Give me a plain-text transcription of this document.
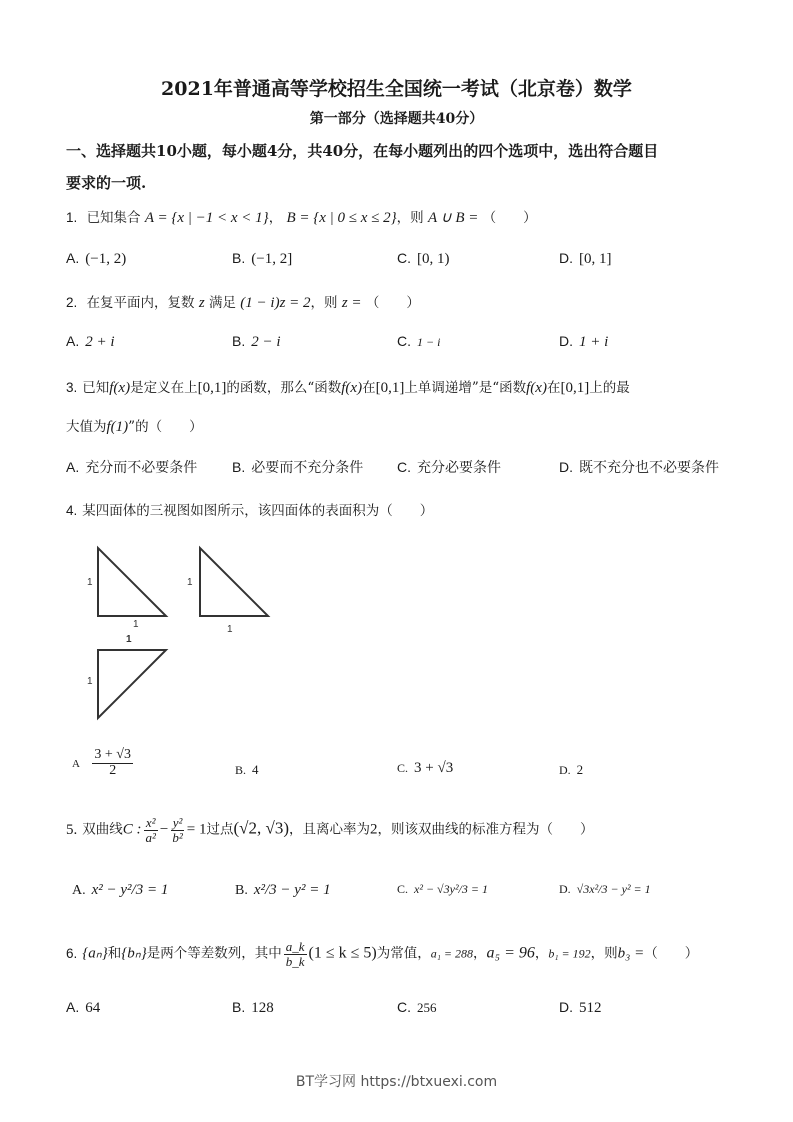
2021年普通高等学校招生全国统一考试（北京卷）数学
第一部分（选择题共40分）
一、选择题共10小题，每小题4分，共40分，在每小题列出的四个选项中，选出符合题目
要求的一项.
1. 已知集合 A = {x | −1 < x < 1}， B = {x | 0 ≤ x ≤ 2}，则 A ∪ B = （　　）
A. (−1, 2)	B. (−1, 2]	C. [0, 1)	D. [0, 1]
2. 在复平面内，复数 z 满足 (1 − i)z = 2，则 z = （　　）
A. 2 + i	B. 2 − i	C. 1 − i	D. 1 + i
3. 已知f(x)是定义在上[0,1]的函数，那么“函数f(x)在[0,1]上单调递增”是“函数f(x)在[0,1]上的最
大值为f(1)”的（　　）
A. 充分而不必要条件 B. 必要而不充分条件 C. 充分必要条件	D. 既不充分也不必要条件
4. 某四面体的三视图如图所示，该四面体的表面积为（　　）
1
1
1
1
1
1
A $\frac{3 + √3}{2}$	B. 4	C. 3 + √3	D. 2
5. 双曲线C : $\frac{\text{x²}}{\text{a²}} - \frac{\text{y²}}{\text{b²}} = 1$过点(√2, √3)，且离心率为2，则该双曲线的标准方程为（　　）
A. x² − y²/3 = 1	B. x²/3 − y² = 1	C. x² − √3y²/3 = 1	D. √3x²/3 − y² = 1
6. {aₙ}和{bₙ}是两个等差数列，其中 $\frac{a\_k}{b\_k} (1 \le k \le 5)$为常值，a₁ = 288，a₅ = 96，b₁ = 192，则b₃ =（　　）
A. 64	B. 128	C. 256	D. 512
BT学习网 https://btxuexi.com
